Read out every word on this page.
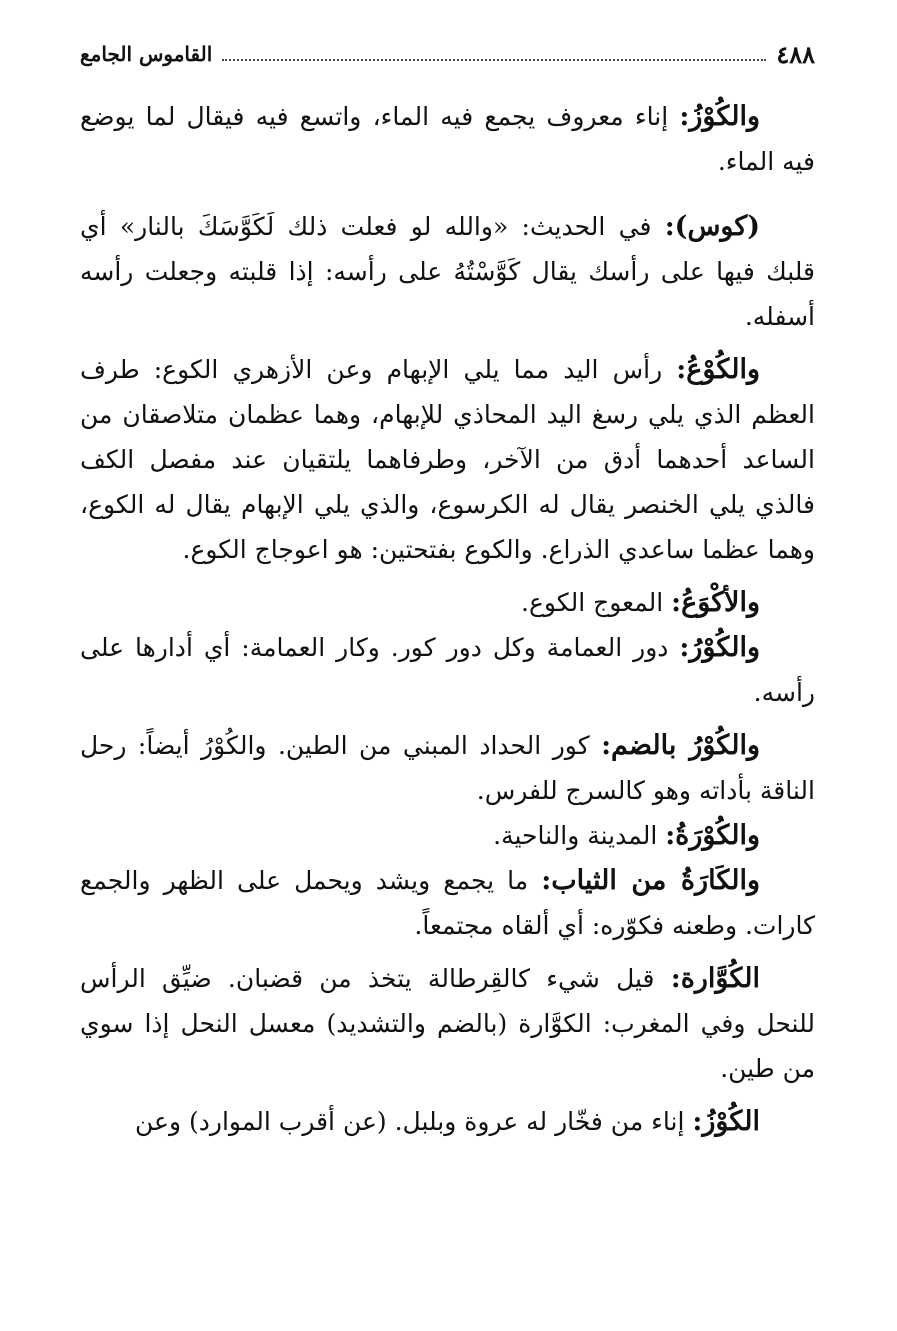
٤٨٨
القاموس الجامع

والكُوْزُ: إناء معروف يجمع فيه الماء، واتسع فيه فيقال لما يوضع فيه الماء.

(كوس): في الحديث: «والله لو فعلت ذلك لَكَوَّسَكَ بالنار» أي قلبك فيها على رأسك يقال كَوَّسْتُهُ على رأسه: إذا قلبته وجعلت رأسه أسفله.

والكُوْعُ: رأس اليد مما يلي الإبهام وعن الأزهري الكوع: طرف العظم الذي يلي رسغ اليد المحاذي للإبهام، وهما عظمان متلاصقان من الساعد أحدهما أدق من الآخر، وطرفاهما يلتقيان عند مفصل الكف فالذي يلي الخنصر يقال له الكرسوع، والذي يلي الإبهام يقال له الكوع، وهما عظما ساعدي الذراع. والكوع بفتحتين: هو اعوجاج الكوع.

والأكْوَعُ: المعوج الكوع.

والكُوْرُ: دور العمامة وكل دور كور. وكار العمامة: أي أدارها على رأسه.

والكُوْرُ بالضم: كور الحداد المبني من الطين. والكُوْرُ أيضاً: رحل الناقة بأداته وهو كالسرج للفرس.

والكُوْرَةُ: المدينة والناحية.

والكَارَةُ من الثياب: ما يجمع ويشد ويحمل على الظهر والجمع كارات. وطعنه فكوّره: أي ألقاه مجتمعاً.

الكُوَّارة: قيل شيء كالقِرطالة يتخذ من قضبان. ضيِّق الرأس للنحل وفي المغرب: الكوَّارة (بالضم والتشديد) معسل النحل إذا سوي من طين.

الكُوْزُ: إناء من فخّار له عروة وبلبل. (عن أقرب الموارد) وعن
